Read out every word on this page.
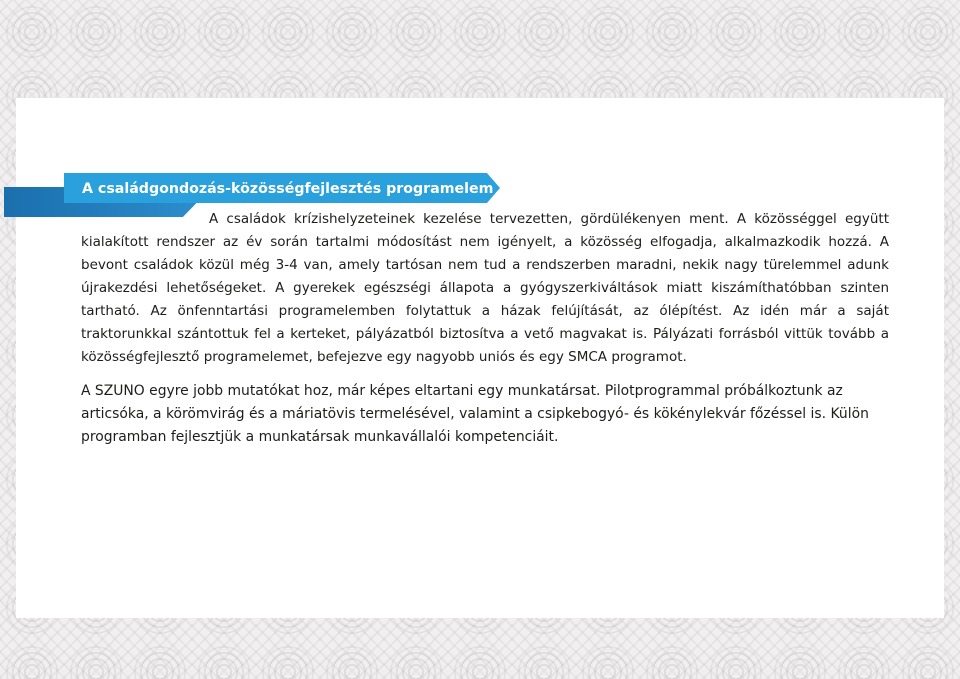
A családgondozás-közösségfejlesztés programelem

A családok krízishelyzeteinek kezelése tervezetten, gördülékenyen ment. A közösséggel együtt kialakított rendszer az év során tartalmi módosítást nem igényelt, a közösség elfogadja, alkalmazkodik hozzá. A bevont családok közül még 3-4 van, amely tartósan nem tud a rendszerben maradni, nekik nagy türelemmel adunk újrakezdési lehetőségeket. A gyerekek egészségi állapota a gyógyszerkiváltások miatt kiszámíthatóbban szinten tartható. Az önfenntartási programelemben folytattuk a házak felújítását, az ólépítést. Az idén már a saját traktorunkkal szántottuk fel a kerteket, pályázatból biztosítva a vető magvakat is. Pályázati forrásból vittük tovább a közösségfejlesztő programelemet, befejezve egy nagyobb uniós és egy SMCA programot.

A SZUNO egyre jobb mutatókat hoz, már képes eltartani egy munkatársat. Pilotprogrammal próbálkoztunk az articsóka, a körömvirág és a máriatövis termelésével, valamint a csipkebogyó- és kökénylekvár főzéssel is. Külön programban fejlesztjük a munkatársak munkavállalói kompetenciáit.
